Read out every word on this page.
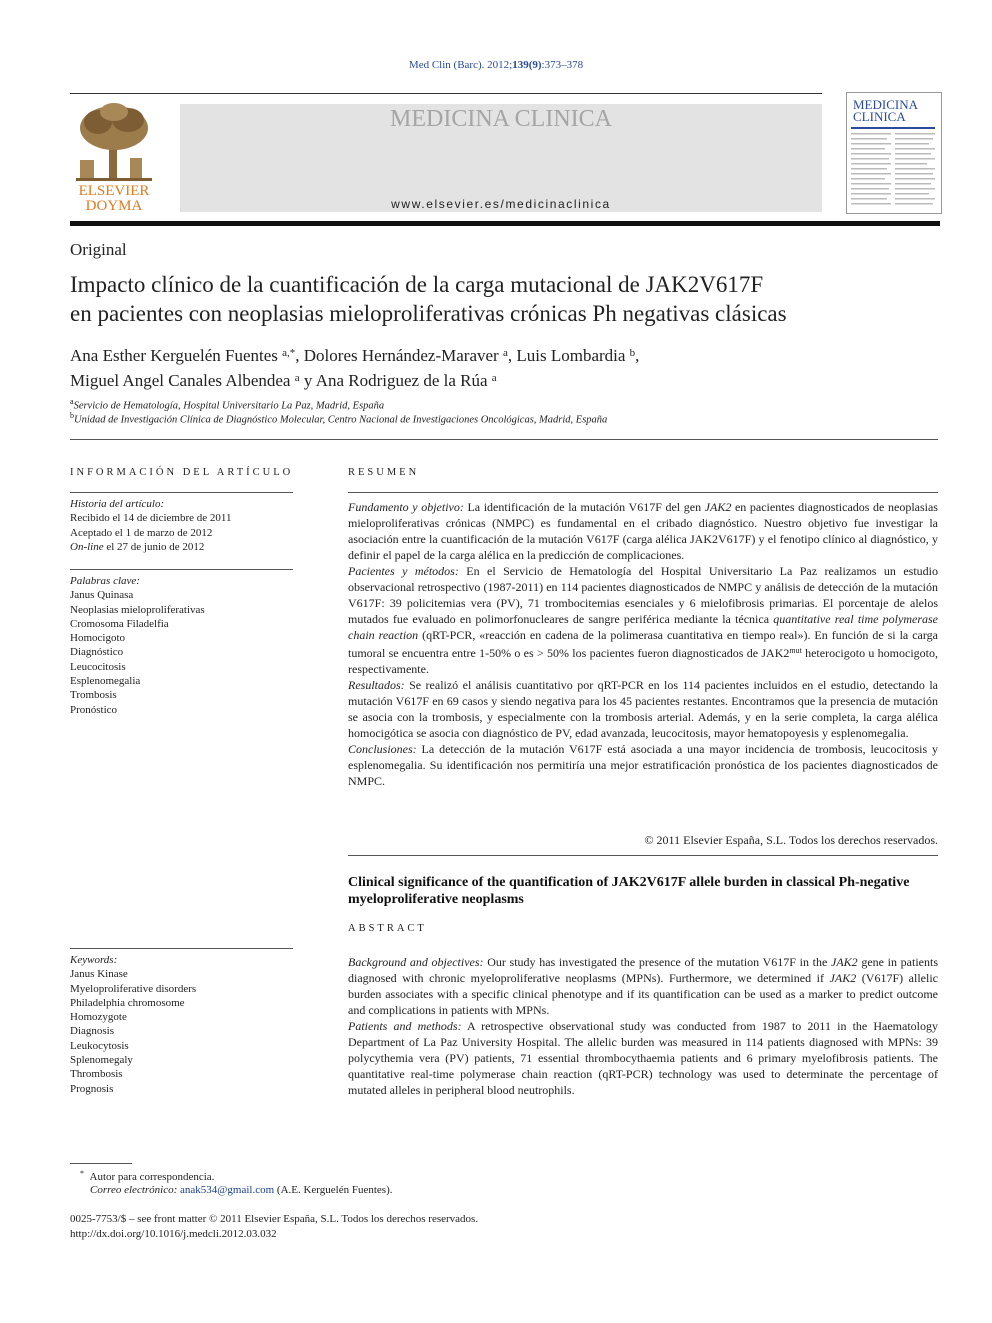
Med Clin (Barc). 2012;139(9):373–378
ELSEVIER
DOYMA
MEDICINA CLINICA
www.elsevier.es/medicinaclinica
MEDICINA
CLINICA
Original
Impacto clínico de la cuantificación de la carga mutacional de JAK2V617F
en pacientes con neoplasias mieloproliferativas crónicas Ph negativas clásicas
Ana Esther Kerguelén Fuentes $^{a,*}$, Dolores Hernández-Maraver $^a$, Luis Lombardia $^b$,
Miguel Angel Canales Albendea $^a$ y Ana Rodriguez de la Rúa $^a$
$^a$Servicio de Hematología, Hospital Universitario La Paz, Madrid, España
$^b$Unidad de Investigación Clínica de Diagnóstico Molecular, Centro Nacional de Investigaciones Oncológicas, Madrid, España
INFORMACIÓN DEL ARTÍCULO
Historia del artículo:
Recibido el 14 de diciembre de 2011
Aceptado el 1 de marzo de 2012
On-line el 27 de junio de 2012
Palabras clave:
Janus Quinasa
Neoplasias mieloproliferativas
Cromosoma Filadelfia
Homocigoto
Diagnóstico
Leucocitosis
Esplenomegalia
Trombosis
Pronóstico
Keywords:
Janus Kinase
Myeloproliferative disorders
Philadelphia chromosome
Homozygote
Diagnosis
Leukocytosis
Splenomegaly
Thrombosis
Prognosis
RESUMEN
Fundamento y objetivo: La identificación de la mutación V617F del gen JAK2 en pacientes diagnosticados de neoplasias mieloproliferativas crónicas (NMPC) es fundamental en el cribado diagnóstico. Nuestro objetivo fue investigar la asociación entre la cuantificación de la mutación V617F (carga alélica JAK2V617F) y el fenotipo clínico al diagnóstico, y definir el papel de la carga alélica en la predicción de complicaciones.
Pacientes y métodos: En el Servicio de Hematología del Hospital Universitario La Paz realizamos un estudio observacional retrospectivo (1987-2011) en 114 pacientes diagnosticados de NMPC y análisis de detección de la mutación V617F: 39 policitemias vera (PV), 71 trombocitemias esenciales y 6 mielofibrosis primarias. El porcentaje de alelos mutados fue evaluado en polimorfonucleares de sangre periférica mediante la técnica quantitative real time polymerase chain reaction (qRT-PCR, «reacción en cadena de la polimerasa cuantitativa en tiempo real»). En función de si la carga tumoral se encuentra entre 1-50% o es > 50% los pacientes fueron diagnosticados de $JAK2^{mut}$ heterocigoto u homocigoto, respectivamente.
Resultados: Se realizó el análisis cuantitativo por qRT-PCR en los 114 pacientes incluidos en el estudio, detectando la mutación V617F en 69 casos y siendo negativa para los 45 pacientes restantes. Encontramos que la presencia de mutación se asocia con la trombosis, y especialmente con la trombosis arterial. Además, y en la serie completa, la carga alélica homocigótica se asocia con diagnóstico de PV, edad avanzada, leucocitosis, mayor hematopoyesis y esplenomegalia.
Conclusiones: La detección de la mutación V617F está asociada a una mayor incidencia de trombosis, leucocitosis y esplenomegalia. Su identificación nos permitiría una mejor estratificación pronóstica de los pacientes diagnosticados de NMPC.
© 2011 Elsevier España, S.L. Todos los derechos reservados.
Clinical significance of the quantification of JAK2V617F allele burden in classical Ph-negative myeloproliferative neoplasms
ABSTRACT
Background and objectives: Our study has investigated the presence of the mutation V617F in the JAK2 gene in patients diagnosed with chronic myeloproliferative neoplasms (MPNs). Furthermore, we determined if JAK2 (V617F) allelic burden associates with a specific clinical phenotype and if its quantification can be used as a marker to predict outcome and complications in patients with MPNs.
Patients and methods: A retrospective observational study was conducted from 1987 to 2011 in the Haematology Department of La Paz University Hospital. The allelic burden was measured in 114 patients diagnosed with MPNs: 39 polycythemia vera (PV) patients, 71 essential thrombocythaemia patients and 6 primary myelofibrosis patients. The quantitative real-time polymerase chain reaction (qRT-PCR) technology was used to determinate the percentage of mutated alleles in peripheral blood neutrophils.
* Autor para correspondencia.
Correo electrónico: anak534@gmail.com (A.E. Kerguelén Fuentes).
0025-7753/$ – see front matter © 2011 Elsevier España, S.L. Todos los derechos reservados.
http://dx.doi.org/10.1016/j.medcli.2012.03.032
